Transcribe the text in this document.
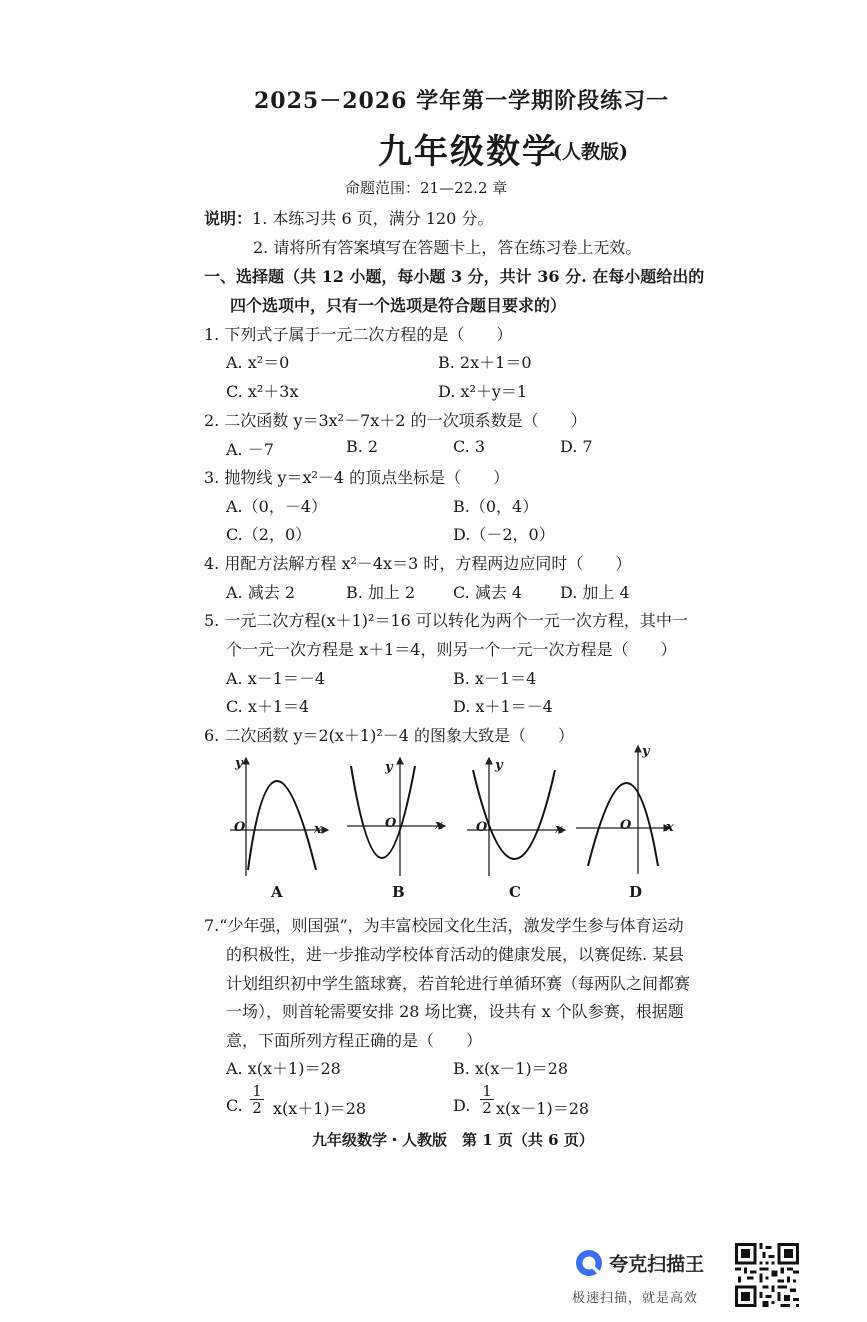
2025－2026 学年第一学期阶段练习一
九年级数学
(人教版)
命题范围：21—22.2 章
说明：1. 本练习共 6 页，满分 120 分。
2. 请将所有答案填写在答题卡上，答在练习卷上无效。
一、选择题（共 12 小题，每小题 3 分，共计 36 分. 在每小题给出的
四个选项中，只有一个选项是符合题目要求的）
1. 下列式子属于一元二次方程的是（　　）
A. x²＝0	B. 2x＋1＝0
C. x²＋3x	D. x²＋y＝1
2. 二次函数 y＝3x²－7x＋2 的一次项系数是（　　）
A. －7	B. 2	C. 3	D. 7
3. 抛物线 y＝x²－4 的顶点坐标是（　　）
A.（0，－4）	B.（0，4）
C.（2，0）	D.（－2，0）
4. 用配方法解方程 x²－4x＝3 时，方程两边应同时（　　）
A. 减去 2	B. 加上 2 C. 减去 4 D. 加上 4
5. 一元二次方程(x＋1)²＝16 可以转化为两个一元一次方程，其中一
个一元一次方程是 x＋1＝4，则另一个一元一次方程是（　　）
A. x－1＝－4	B. x－1＝4
C. x＋1＝4	D. x＋1＝－4
6. 二次函数 y＝2(x＋1)²－4 的图象大致是（　　）
y
x
O
A
y
x
O
B
y
x
O
C
y
x
O
D
7.“少年强，则国强”，为丰富校园文化生活，激发学生参与体育运动
的积极性，进一步推动学校体育活动的健康发展，以赛促练. 某县
计划组织初中学生篮球赛，若首轮进行单循环赛（每两队之间都赛
一场），则首轮需要安排 28 场比赛，设共有 x 个队参赛，根据题
意，下面所列方程正确的是（　　）
A. x(x＋1)＝28	B. x(x－1)＝28
C. $\frac{1}{2} x(x+1)=28$	D. $\frac{1}{2} x(x-1)=28$
九年级数学・人教版　第 1 页（共 6 页）
夸克扫描王
极速扫描，就是高效
